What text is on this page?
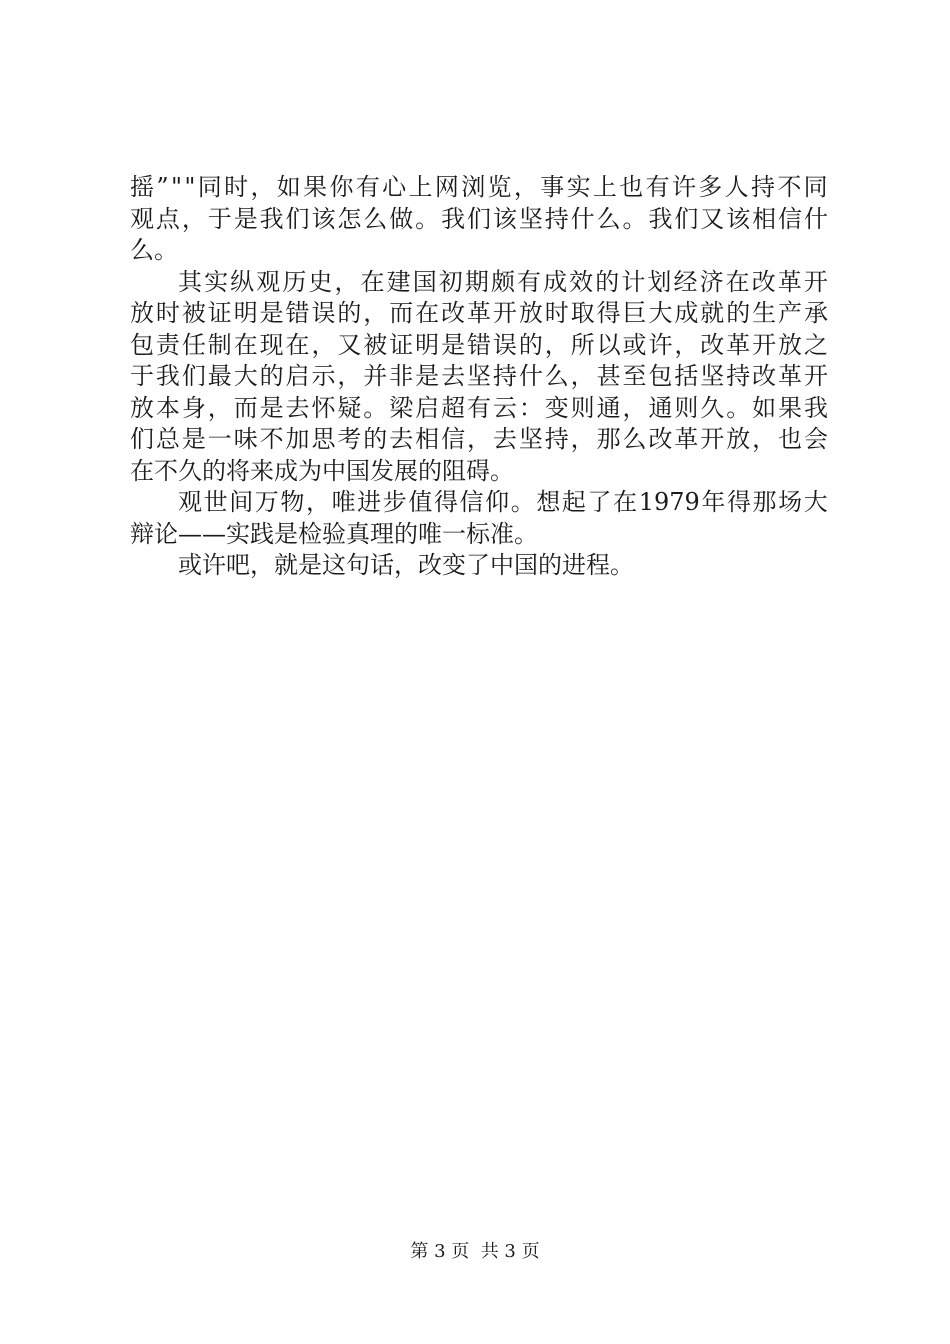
摇 ” " " 同 时 ， 如 果 你 有 心 上 网 浏 览 ， 事 实 上 也 有 许 多 人 持 不 同
观 点 ， 于 是 我 们 该 怎 么 做 。 我 们 该 坚 持 什 么 。 我 们 又 该 相 信 什
么。
其 实 纵 观 历 史 ， 在 建 国 初 期 颇 有 成 效 的 计 划 经 济 在 改 革 开
放 时 被 证 明 是 错 误 的 ， 而 在 改 革 开 放 时 取 得 巨 大 成 就 的 生 产 承
包 责 任 制 在 现 在 ， 又 被 证 明 是 错 误 的 ， 所 以 或 许 ， 改 革 开 放 之
于 我 们 最 大 的 启 示 ， 并 非 是 去 坚 持 什 么 ， 甚 至 包 括 坚 持 改 革 开
放 本 身 ， 而 是 去 怀 疑 。 梁 启 超 有 云 ： 变 则 通 ， 通 则 久 。 如 果 我
们 总 是 一 味 不 加 思 考 的 去 相 信 ， 去 坚 持 ， 那 么 改 革 开 放 ， 也 会
在不久的将来成为中国发展的阻碍。
观 世 间 万 物 ， 唯 进 步 值 得 信 仰 。 想 起 了 在 1979 年 得 那 场 大
辩论——实践是检验真理的唯一标准。
或许吧，就是这句话，改变了中国的进程。
第 3 页  共 3 页
